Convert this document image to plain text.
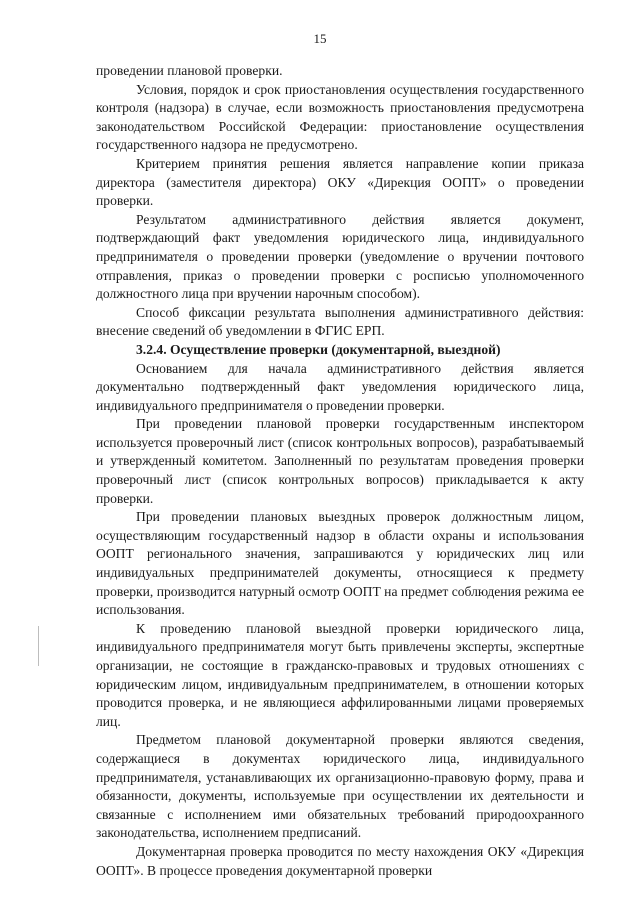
15

проведении плановой проверки.

Условия, порядок и срок приостановления осуществления государственного контроля (надзора) в случае, если возможность приостановления предусмотрена законодательством Российской Федерации: приостановление осуществления государственного надзора не предусмотрено.

Критерием принятия решения является направление копии приказа директора (заместителя директора) ОКУ «Дирекция ООПТ» о проведении проверки.

Результатом административного действия является документ, подтверждающий факт уведомления юридического лица, индивидуального предпринимателя о проведении проверки (уведомление о вручении почтового отправления, приказ о проведении проверки с росписью уполномоченного должностного лица при вручении нарочным способом).

Способ фиксации результата выполнения административного действия: внесение сведений об уведомлении в ФГИС ЕРП.

3.2.4. Осуществление проверки (документарной, выездной)

Основанием для начала административного действия является документально подтвержденный факт уведомления юридического лица, индивидуального предпринимателя о проведении проверки.

При проведении плановой проверки государственным инспектором используется проверочный лист (список контрольных вопросов), разрабатываемый и утвержденный комитетом. Заполненный по результатам проведения проверки проверочный лист (список контрольных вопросов) прикладывается к акту проверки.

При проведении плановых выездных проверок должностным лицом, осуществляющим государственный надзор в области охраны и использования ООПТ регионального значения, запрашиваются у юридических лиц или индивидуальных предпринимателей документы, относящиеся к предмету проверки, производится натурный осмотр ООПТ на предмет соблюдения режима ее использования.

К проведению плановой выездной проверки юридического лица, индивидуального предпринимателя могут быть привлечены эксперты, экспертные организации, не состоящие в гражданско-правовых и трудовых отношениях с юридическим лицом, индивидуальным предпринимателем, в отношении которых проводится проверка, и не являющиеся аффилированными лицами проверяемых лиц.

Предметом плановой документарной проверки являются сведения, содержащиеся в документах юридического лица, индивидуального предпринимателя, устанавливающих их организационно-правовую форму, права и обязанности, документы, используемые при осуществлении их деятельности и связанные с исполнением ими обязательных требований природоохранного законодательства, исполнением предписаний.

Документарная проверка проводится по месту нахождения ОКУ «Дирекция ООПТ». В процессе проведения документарной проверки
